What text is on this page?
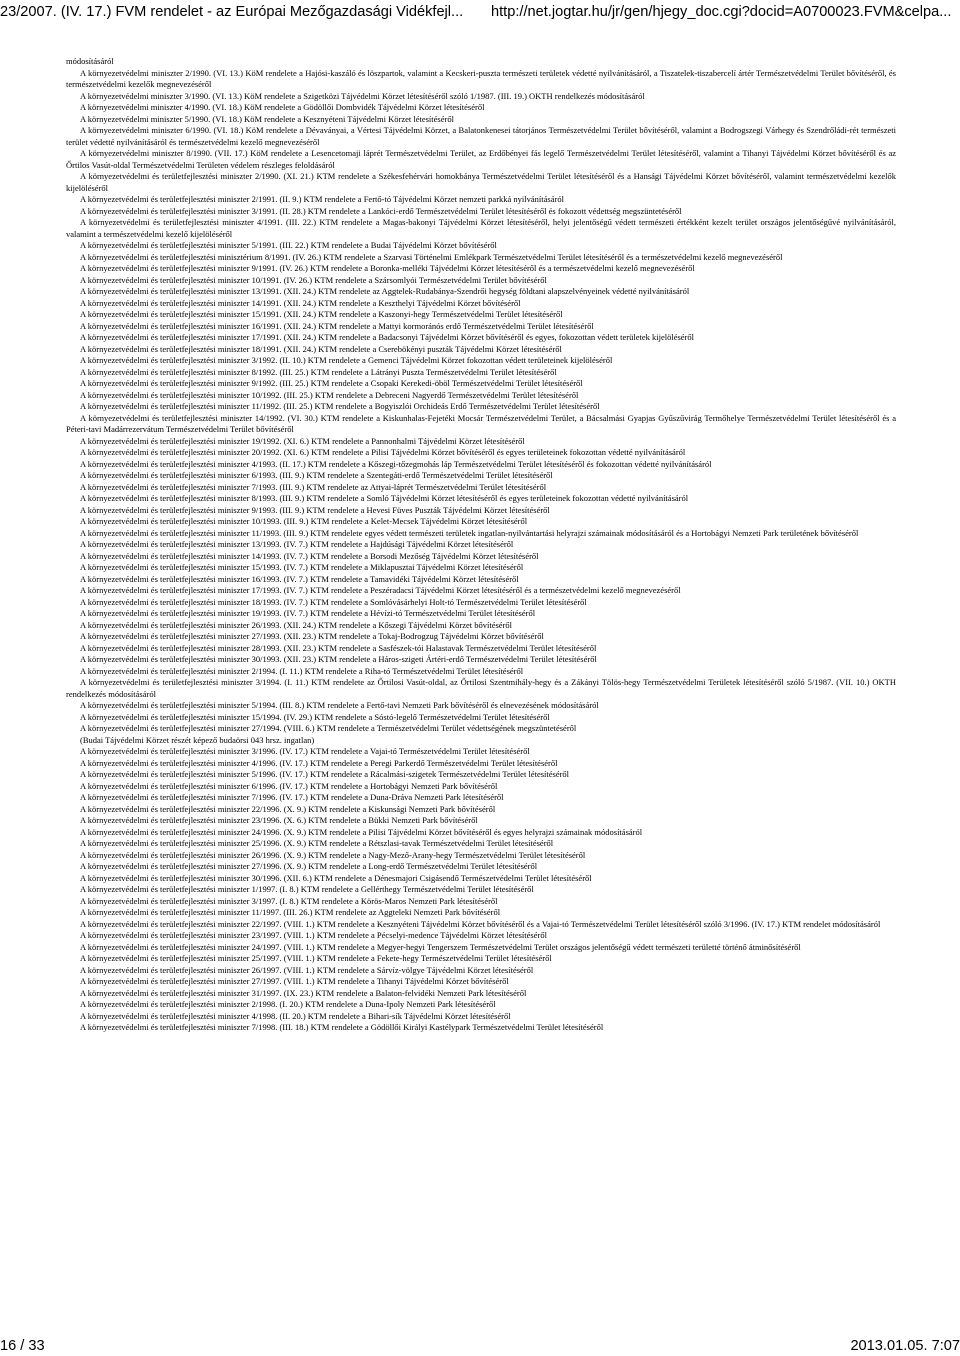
23/2007. (IV. 17.) FVM rendelet - az Európai Mezőgazdasági Vidékfejl... http://net.jogtar.hu/jr/gen/hjegy_doc.cgi?docid=A0700023.FVM&celpa...

módosításáról

A környezetvédelmi miniszter 2/1990. (VI. 13.) KöM rendelete a Hajósi-kaszáló és löszpartok, valamint a Kecskeri-puszta természeti területek védetté nyilvánításáról, a Tiszatelek-tiszabercelí ártér Természetvédelmi Terület bővítéséről, és természetvédelmi kezelők megnevezéséről

A környezetvédelmi miniszter 3/1990. (VI. 13.) KöM rendelete a Szigetközi Tájvédelmi Körzet létesítéséről szóló 1/1987. (III. 19.) OKTH rendelkezés módosításáról

A környezetvédelmi miniszter 4/1990. (VI. 18.) KöM rendelete a Gödöllői Dombvidék Tájvédelmi Körzet létesítéséről

A környezetvédelmi miniszter 5/1990. (VI. 18.) KöM rendelete a Kesznyéteni Tájvédelmi Körzet létesítéséről

A környezetvédelmi miniszter 6/1990. (VI. 18.) KöM rendelete a Dévaványai, a Vértesi Tájvédelmi Körzet, a Balatonkenesei tátorjános Természetvédelmi Terület bővítéséről, valamint a Bodrogszegi Várhegy és Szendrőládi-rét természeti terület védetté nyilvánításáról és természetvédelmi kezelő megnevezéséről

A környezetvédelmi miniszter 8/1990. (VII. 17.) KöM rendelete a Lesencetomaji láprét Természetvédelmi Terület, az Erdőbényei fás legelő Természetvédelmi Terület létesítéséről, valamint a Tihanyi Tájvédelmi Körzet bővítéséről és az Őrtilos Vasút-oldal Természetvédelmi Területen védelem részleges feloldásáról

A környezetvédelmi és területfejlesztési miniszter 2/1990. (XI. 21.) KTM rendelete a Székesfehérvári homokbánya Természetvédelmi Terület létesítéséről és a Hansági Tájvédelmi Körzet bővítéséről, valamint természetvédelmi kezelők kijelöléséről

A környezetvédelmi és területfejlesztési miniszter 2/1991. (II. 9.) KTM rendelete a Fertő-tó Tájvédelmi Körzet nemzeti parkká nyilvánításáról

A környezetvédelmi és területfejlesztési miniszter 3/1991. (II. 28.) KTM rendelete a Lankóci-erdő Természetvédelmi Terület létesítéséről és fokozott védettség megszüntetéséről

A környezetvédelmi és területfejlesztési miniszter 4/1991. (III. 22.) KTM rendelete a Magas-bakonyi Tájvédelmi Körzet létesítéséről, helyi jelentőségű védett természeti értékként kezelt terület országos jelentőségűvé nyilvánításáról, valamint a természetvédelmi kezelő kijelöléséről

A környezetvédelmi és területfejlesztési miniszter 5/1991. (III. 22.) KTM rendelete a Budai Tájvédelmi Körzet bővítéséről

A környezetvédelmi és területfejlesztési minisztérium 8/1991. (IV. 26.) KTM rendelete a Szarvasi Történelmi Emlékpark Természetvédelmi Terület létesítéséről és a természetvédelmi kezelő megnevezéséről

A környezetvédelmi és területfejlesztési miniszter 9/1991. (IV. 26.) KTM rendelete a Boronka-melléki Tájvédelmi Körzet létesítéséről és a természetvédelmi kezelő megnevezéséről

A környezetvédelmi és területfejlesztési miniszter 10/1991. (IV. 26.) KTM rendelete a Szársomlyói Természetvédelmi Terület bővítéséről

A környezetvédelmi és területfejlesztési miniszter 13/1991. (XII. 24.) KTM rendelete az Aggtelek-Rudabánya-Szendrői hegység földtani alapszelvényeinek védetté nyilvánításáról

A környezetvédelmi és területfejlesztési miniszter 14/1991. (XII. 24.) KTM rendelete a Keszthelyi Tájvédelmi Körzet bővítéséről

A környezetvédelmi és területfejlesztési miniszter 15/1991. (XII. 24.) KTM rendelete a Kaszonyi-hegy Természetvédelmi Terület létesítéséről

A környezetvédelmi és területfejlesztési miniszter 16/1991. (XII. 24.) KTM rendelete a Mattyi kormoránós erdő Természetvédelmi Terület létesítéséről

A környezetvédelmi és területfejlesztési miniszter 17/1991. (XII. 24.) KTM rendelete a Badacsonyi Tájvédelmi Körzet bővítéséről és egyes, fokozottan védett területek kijelöléséről

A környezetvédelmi és területfejlesztési miniszter 18/1991. (XII. 24.) KTM rendelete a Cserebökényi puszták Tájvédelmi Körzet létesítéséről

A környezetvédelmi és területfejlesztési miniszter 3/1992. (II. 10.) KTM rendelete a Gemenci Tájvédelmi Körzet fokozottan védett területeinek kijelöléséről

A környezetvédelmi és területfejlesztési miniszter 8/1992. (III. 25.) KTM rendelete a Látrányi Puszta Természetvédelmi Terület létesítéséről

A környezetvédelmi és területfejlesztési miniszter 9/1992. (III. 25.) KTM rendelete a Csopaki Kerekedi-öböl Természetvédelmi Terület létesítéséről

A környezetvédelmi és területfejlesztési miniszter 10/1992. (III. 25.) KTM rendelete a Debreceni Nagyerdő Természetvédelmi Terület létesítéséről

A környezetvédelmi és területfejlesztési miniszter 11/1992. (III. 25.) KTM rendelete a Bogyiszlói Orchideás Erdő Természetvédelmi Terület létesítéséről

A környezetvédelmi és területfejlesztési miniszter 14/1992. (VI. 30.) KTM rendelete a Kiskunhalas-Fejetéki Mocsár Természetvédelmi Terület, a Bácsalmási Gyapjas Gyűszűvirág Termőhelye Természetvédelmi Terület létesítéséről és a Péteri-tavi Madárrezervátum Természetvédelmi Terület bővítéséről

A környezetvédelmi és területfejlesztési miniszter 19/1992. (XI. 6.) KTM rendelete a Pannonhalmi Tájvédelmi Körzet létesítéséről

A környezetvédelmi és területfejlesztési miniszter 20/1992. (XI. 6.) KTM rendelete a Pilisi Tájvédelmi Körzet bővítéséről és egyes területeinek fokozottan védetté nyilvánításáról

A környezetvédelmi és területfejlesztési miniszter 4/1993. (II. 17.) KTM rendelete a Kőszegi-tőzegmohás láp Természetvédelmi Terület létesítéséről és fokozottan védetté nyilvánításáról

A környezetvédelmi és területfejlesztési miniszter 6/1993. (III. 9.) KTM rendelete a Szentegáti-erdő Természetvédelmi Terület létesítéséről

A környezetvédelmi és területfejlesztési miniszter 7/1993. (III. 9.) KTM rendelete az Attyai-láprét Természetvédelmi Terület létesítéséről

A környezetvédelmi és területfejlesztési miniszter 8/1993. (III. 9.) KTM rendelete a Somló Tájvédelmi Körzet létesítéséről és egyes területeinek fokozottan védetté nyilvánításáról

A környezetvédelmi és területfejlesztési miniszter 9/1993. (III. 9.) KTM rendelete a Hevesi Füves Puszták Tájvédelmi Körzet létesítéséről

A környezetvédelmi és területfejlesztési miniszter 10/1993. (III. 9.) KTM rendelete a Kelet-Mecsek Tájvédelmi Körzet létesítéséről

A környezetvédelmi és területfejlesztési miniszter 11/1993. (III. 9.) KTM rendelete egyes védett természeti területek ingatlan-nyilvántartási helyrajzi számainak módosításáról és a Hortobágyi Nemzeti Park területének bővítéséről

A környezetvédelmi és területfejlesztési miniszter 13/1993. (IV. 7.) KTM rendelete a Hajdúsági Tájvédelmi Körzet létesítéséről

A környezetvédelmi és területfejlesztési miniszter 14/1993. (IV. 7.) KTM rendelete a Borsodi Mezőség Tájvédelmi Körzet létesítéséről

A környezetvédelmi és területfejlesztési miniszter 15/1993. (IV. 7.) KTM rendelete a Miklapusztai Tájvédelmi Körzet létesítéséről

A környezetvédelmi és területfejlesztési miniszter 16/1993. (IV. 7.) KTM rendelete a Tamavidéki Tájvédelmi Körzet létesítéséről

A környezetvédelmi és területfejlesztési miniszter 17/1993. (IV. 7.) KTM rendelete a Peszéradacsi Tájvédelmi Körzet létesítéséről és a természetvédelmi kezelő megnevezéséről

A környezetvédelmi és területfejlesztési miniszter 18/1993. (IV. 7.) KTM rendelete a Somlóvásárhelyi Holt-tó Természetvédelmi Terület létesítéséről

A környezetvédelmi és területfejlesztési miniszter 19/1993. (IV. 7.) KTM rendelete a Hévízi-tó Természetvédelmi Terület létesítéséről

A környezetvédelmi és területfejlesztési miniszter 26/1993. (XII. 24.) KTM rendelete a Kőszegi Tájvédelmi Körzet bővítéséről

A környezetvédelmi és területfejlesztési miniszter 27/1993. (XII. 23.) KTM rendelete a Tokaj-Bodrogzug Tájvédelmi Körzet bővítéséről

A környezetvédelmi és területfejlesztési miniszter 28/1993. (XII. 23.) KTM rendelete a Sasfészek-tói Halastavak Természetvédelmi Terület létesítéséről

A környezetvédelmi és területfejlesztési miniszter 30/1993. (XII. 23.) KTM rendelete a Háros-szigeti Ártéri-erdő Természetvédelmi Terület létesítéséről

A környezetvédelmi és területfejlesztési miniszter 2/1994. (I. 11.) KTM rendelete a Riha-tó Természetvédelmi Terület létesítéséről

A környezetvédelmi és területfejlesztési miniszter 3/1994. (I. 11.) KTM rendelete az Őrtilosi Vasút-oldal, az Őrtilosi Szentmihály-hegy és a Zákányi Tölös-hegy Természetvédelmi Területek létesítéséről szóló 5/1987. (VII. 10.) OKTH rendelkezés módosításáról

A környezetvédelmi és területfejlesztési miniszter 5/1994. (III. 8.) KTM rendelete a Fertő-tavi Nemzeti Park bővítéséről és elnevezésének módosításáról

A környezetvédelmi és területfejlesztési miniszter 15/1994. (IV. 29.) KTM rendelete a Sóstó-legelő Természetvédelmi Terület létesítéséről

A környezetvédelmi és területfejlesztési miniszter 27/1994. (VIII. 6.) KTM rendelete a Természetvédelmi Terület védettségének megszüntetéséről

(Budai Tájvédelmi Körzet részét képező budaörsi 043 hrsz. ingatlan)

A környezetvédelmi és területfejlesztési miniszter 3/1996. (IV. 17.) KTM rendelete a Vajai-tó Természetvédelmi Terület létesítéséről

A környezetvédelmi és területfejlesztési miniszter 4/1996. (IV. 17.) KTM rendelete a Peregi Parkerdő Természetvédelmi Terület létesítéséről

A környezetvédelmi és területfejlesztési miniszter 5/1996. (IV. 17.) KTM rendelete a Rácalmási-szigetek Természetvédelmi Terület létesítéséről

A környezetvédelmi és területfejlesztési miniszter 6/1996. (IV. 17.) KTM rendelete a Hortobágyi Nemzeti Park bővítéséről

A környezetvédelmi és területfejlesztési miniszter 7/1996. (IV. 17.) KTM rendelete a Duna-Dráva Nemzeti Park létesítéséről

A környezetvédelmi és területfejlesztési miniszter 22/1996. (X. 9.) KTM rendelete a Kiskunsági Nemzeti Park bővítéséről

A környezetvédelmi és területfejlesztési miniszter 23/1996. (X. 6.) KTM rendelete a Bükki Nemzeti Park bővítéséről

A környezetvédelmi és területfejlesztési miniszter 24/1996. (X. 9.) KTM rendelete a Pilisi Tájvédelmi Körzet bővítéséről és egyes helyrajzi számainak módosításáról

A környezetvédelmi és területfejlesztési miniszter 25/1996. (X. 9.) KTM rendelete a Rétszlasi-tavak Természetvédelmi Terület létesítéséről

A környezetvédelmi és területfejlesztési miniszter 26/1996. (X. 9.) KTM rendelete a Nagy-Mező-Arany-hegy Természetvédelmi Terület létesítéséről

A környezetvédelmi és területfejlesztési miniszter 27/1996. (X. 9.) KTM rendelete a Long-erdő Természetvédelmi Terület létesítéséről

A környezetvédelmi és területfejlesztési miniszter 30/1996. (XII. 6.) KTM rendelete a Dénesmajori Csigásendő Természetvédelmi Terület létesítéséről

A környezetvédelmi és területfejlesztési miniszter 1/1997. (I. 8.) KTM rendelete a Gellérthegy Természetvédelmi Terület létesítéséről

A környezetvédelmi és területfejlesztési miniszter 3/1997. (I. 8.) KTM rendelete a Körös-Maros Nemzeti Park létesítéséről

A környezetvédelmi és területfejlesztési miniszter 11/1997. (III. 26.) KTM rendelete az Aggteleki Nemzeti Park bővítéséről

A környezetvédelmi és területfejlesztési miniszter 22/1997. (VIII. 1.) KTM rendelete a Kesznyéteni Tájvédelmi Körzet bővítéséről és a Vajai-tó Természetvédelmi Terület létesítéséről szóló 3/1996. (IV. 17.) KTM rendelet módosításáról

A környezetvédelmi és területfejlesztési miniszter 23/1997. (VIII. 1.) KTM rendelete a Pécselyi-medence Tájvédelmi Körzet létesítéséről

A környezetvédelmi és területfejlesztési miniszter 24/1997. (VIII. 1.) KTM rendelete a Megyer-hegyi Tengerszem Természetvédelmi Terület országos jelentőségű védett természeti területté történő átminősítéséről

A környezetvédelmi és területfejlesztési miniszter 25/1997. (VIII. 1.) KTM rendelete a Fekete-hegy Természetvédelmi Terület létesítéséről

A környezetvédelmi és területfejlesztési miniszter 26/1997. (VIII. 1.) KTM rendelete a Sárvíz-völgye Tájvédelmi Körzet létesítéséről

A környezetvédelmi és területfejlesztési miniszter 27/1997. (VIII. 1.) KTM rendelete a Tihanyi Tájvédelmi Körzet bővítéséről

A környezetvédelmi és területfejlesztési miniszter 31/1997. (IX. 23.) KTM rendelete a Balaton-felvidéki Nemzeti Park létesítéséről

A környezetvédelmi és területfejlesztési miniszter 2/1998. (I. 20.) KTM rendelete a Duna-Ipoly Nemzeti Park létesítéséről

A környezetvédelmi és területfejlesztési miniszter 4/1998. (II. 20.) KTM rendelete a Bihari-sík Tájvédelmi Körzet létesítéséről

A környezetvédelmi és területfejlesztési miniszter 7/1998. (III. 18.) KTM rendelete a Gödöllői Királyi Kastélypark Természetvédelmi Terület létesítéséről

16 / 33	2013.01.05. 7:07
